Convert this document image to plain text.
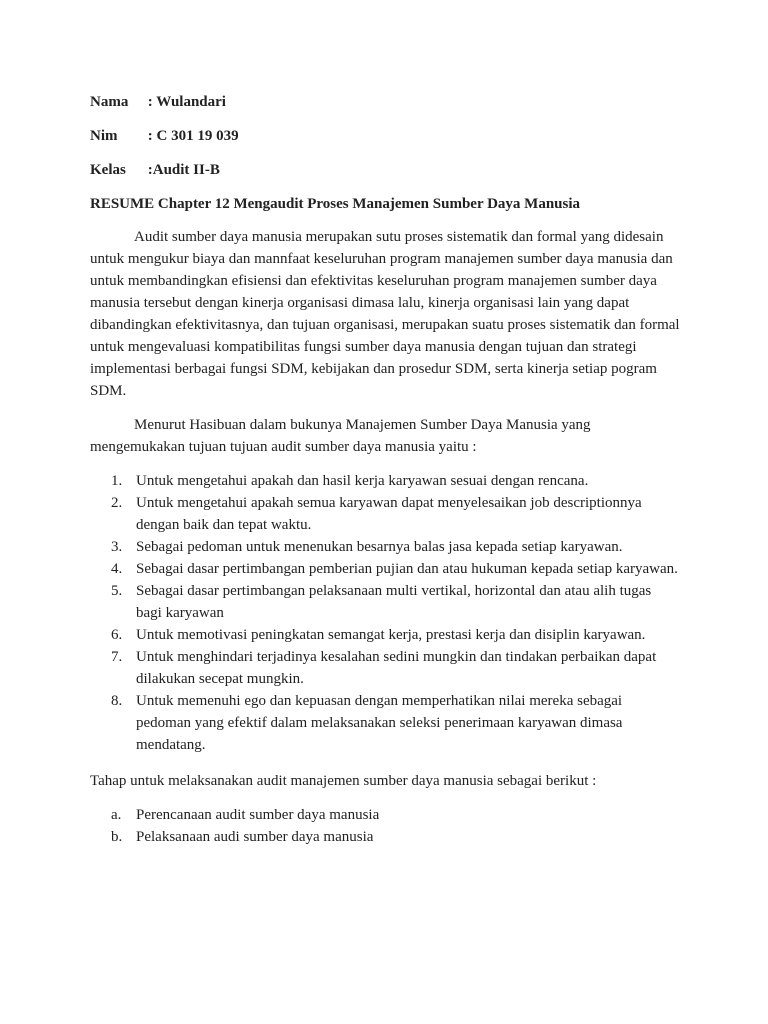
Nama : Wulandari
Nim : C 301 19 039
Kelas :Audit II-B
RESUME Chapter 12 Mengaudit Proses Manajemen Sumber Daya Manusia

Audit sumber daya manusia merupakan sutu proses sistematik dan formal yang didesain untuk mengukur biaya dan mannfaat keseluruhan program manajemen sumber daya manusia dan untuk membandingkan efisiensi dan efektivitas keseluruhan program manajemen sumber daya manusia tersebut dengan kinerja organisasi dimasa lalu, kinerja organisasi lain yang dapat dibandingkan efektivitasnya, dan tujuan organisasi, merupakan suatu proses sistematik dan formal untuk mengevaluasi kompatibilitas fungsi sumber daya manusia dengan tujuan dan strategi implementasi berbagai fungsi SDM, kebijakan dan prosedur SDM, serta kinerja setiap pogram SDM.

Menurut Hasibuan dalam bukunya Manajemen Sumber Daya Manusia yang mengemukakan tujuan tujuan audit sumber daya manusia yaitu :

1. Untuk mengetahui apakah dan hasil kerja karyawan sesuai dengan rencana.
2. Untuk mengetahui apakah semua karyawan dapat menyelesaikan job descriptionnya dengan baik dan tepat waktu.
3. Sebagai pedoman untuk menenukan besarnya balas jasa kepada setiap karyawan.
4. Sebagai dasar pertimbangan pemberian pujian dan atau hukuman kepada setiap karyawan.
5. Sebagai dasar pertimbangan pelaksanaan multi vertikal, horizontal dan atau alih tugas bagi karyawan
6. Untuk memotivasi peningkatan semangat kerja, prestasi kerja dan disiplin karyawan.
7. Untuk menghindari terjadinya kesalahan sedini mungkin dan tindakan perbaikan dapat dilakukan secepat mungkin.
8. Untuk memenuhi ego dan kepuasan dengan memperhatikan nilai mereka sebagai pedoman yang efektif dalam melaksanakan seleksi penerimaan karyawan dimasa mendatang.

Tahap untuk melaksanakan audit manajemen sumber daya manusia sebagai berikut :

a. Perencanaan audit sumber daya manusia
b. Pelaksanaan audi sumber daya manusia
